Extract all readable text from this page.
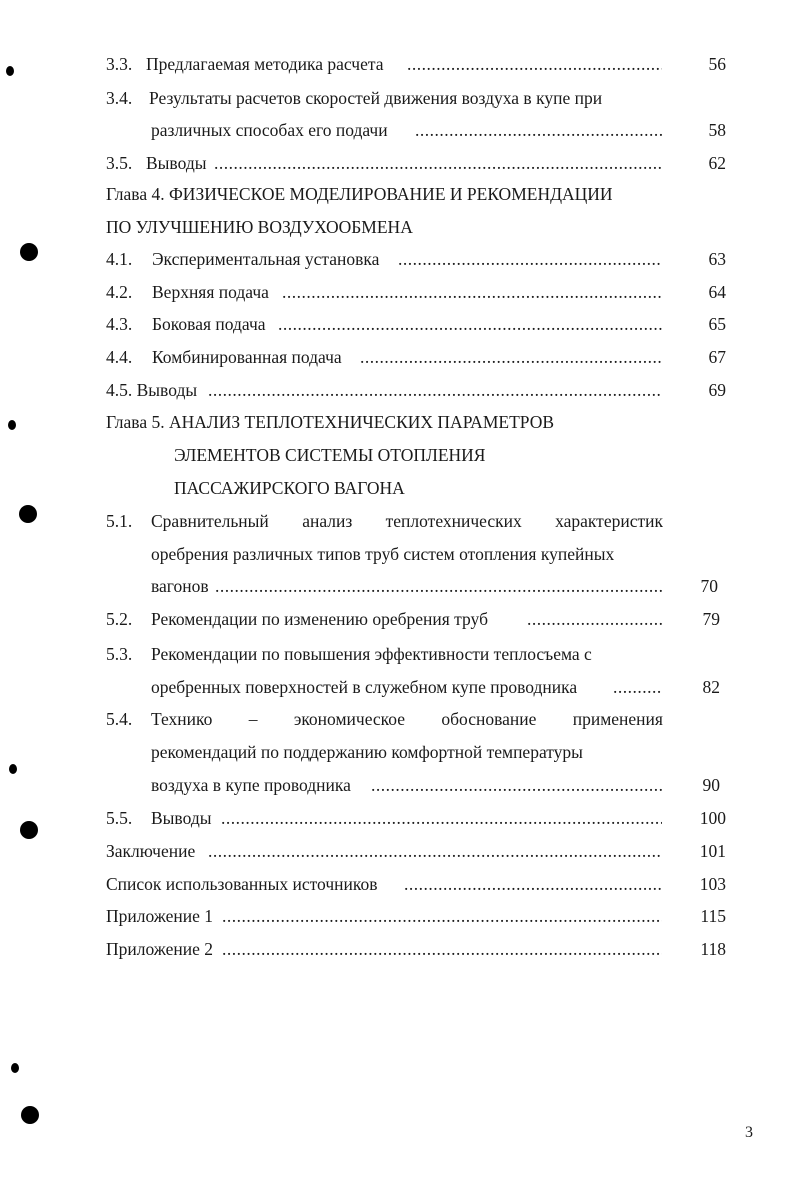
3.3. Предлагаемая методика расчета .....	56
3.4. Результаты расчетов скоростей движения воздуха в купе при
различных способах его подачи .....	58
3.5. Выводы .....	62
Глава 4. ФИЗИЧЕСКОЕ МОДЕЛИРОВАНИЕ И РЕКОМЕНДАЦИИ
ПО УЛУЧШЕНИЮ ВОЗДУХООБМЕНА
4.1. Экспериментальная установка .....	63
4.2. Верхняя подача .....	64
4.3. Боковая подача .....	65
4.4. Комбинированная подача .....	67
4.5. Выводы .....	69
Глава 5. АНАЛИЗ ТЕПЛОТЕХНИЧЕСКИХ ПАРАМЕТРОВ
ЭЛЕМЕНТОВ СИСТЕМЫ ОТОПЛЕНИЯ
ПАССАЖИРСКОГО ВАГОНА
5.1. Сравнительный анализ теплотехнических характеристик
оребрения различных типов труб систем отопления купейных
вагонов .....	70
5.2. Рекомендации по изменению оребрения труб .....	79
5.3. Рекомендации по повышения эффективности теплосъема с
оребренных поверхностей в служебном купе проводника .....	82
5.4. Технико – экономическое обоснование применения
рекомендаций по поддержанию комфортной температуры
воздуха в купе проводника .....	90
5.5. Выводы .....	100
Заключение .....	101
Список использованных источников .....	103
Приложение 1 .....	115
Приложение 2 .....	118
3
